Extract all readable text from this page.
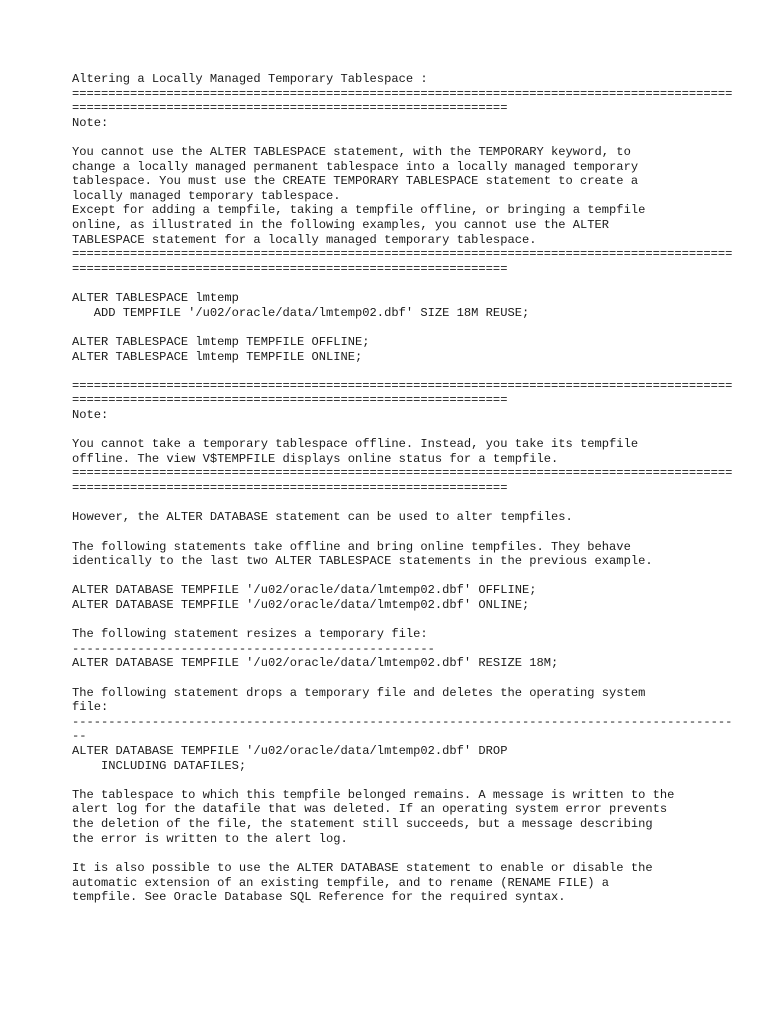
Altering a Locally Managed Temporary Tablespace :
===========================================================================================
============================================================
Note:
You cannot use the ALTER TABLESPACE statement, with the TEMPORARY keyword, to
change a locally managed permanent tablespace into a locally managed temporary
tablespace. You must use the CREATE TEMPORARY TABLESPACE statement to create a
locally managed temporary tablespace.
Except for adding a tempfile, taking a tempfile offline, or bringing a tempfile
online, as illustrated in the following examples, you cannot use the ALTER
TABLESPACE statement for a locally managed temporary tablespace.
===========================================================================================
============================================================
ALTER TABLESPACE lmtemp
ADD TEMPFILE '/u02/oracle/data/lmtemp02.dbf' SIZE 18M REUSE;
ALTER TABLESPACE lmtemp TEMPFILE OFFLINE;
ALTER TABLESPACE lmtemp TEMPFILE ONLINE;
===========================================================================================
============================================================
Note:
You cannot take a temporary tablespace offline. Instead, you take its tempfile
offline. The view V$TEMPFILE displays online status for a tempfile.
===========================================================================================
============================================================
However, the ALTER DATABASE statement can be used to alter tempfiles.
The following statements take offline and bring online tempfiles. They behave
identically to the last two ALTER TABLESPACE statements in the previous example.
ALTER DATABASE TEMPFILE '/u02/oracle/data/lmtemp02.dbf' OFFLINE;
ALTER DATABASE TEMPFILE '/u02/oracle/data/lmtemp02.dbf' ONLINE;
The following statement resizes a temporary file:
--------------------------------------------------
ALTER DATABASE TEMPFILE '/u02/oracle/data/lmtemp02.dbf' RESIZE 18M;
The following statement drops a temporary file and deletes the operating system
file:
-------------------------------------------------------------------------------------------
--
ALTER DATABASE TEMPFILE '/u02/oracle/data/lmtemp02.dbf' DROP
INCLUDING DATAFILES;
The tablespace to which this tempfile belonged remains. A message is written to the
alert log for the datafile that was deleted. If an operating system error prevents
the deletion of the file, the statement still succeeds, but a message describing
the error is written to the alert log.
It is also possible to use the ALTER DATABASE statement to enable or disable the
automatic extension of an existing tempfile, and to rename (RENAME FILE) a
tempfile. See Oracle Database SQL Reference for the required syntax.
